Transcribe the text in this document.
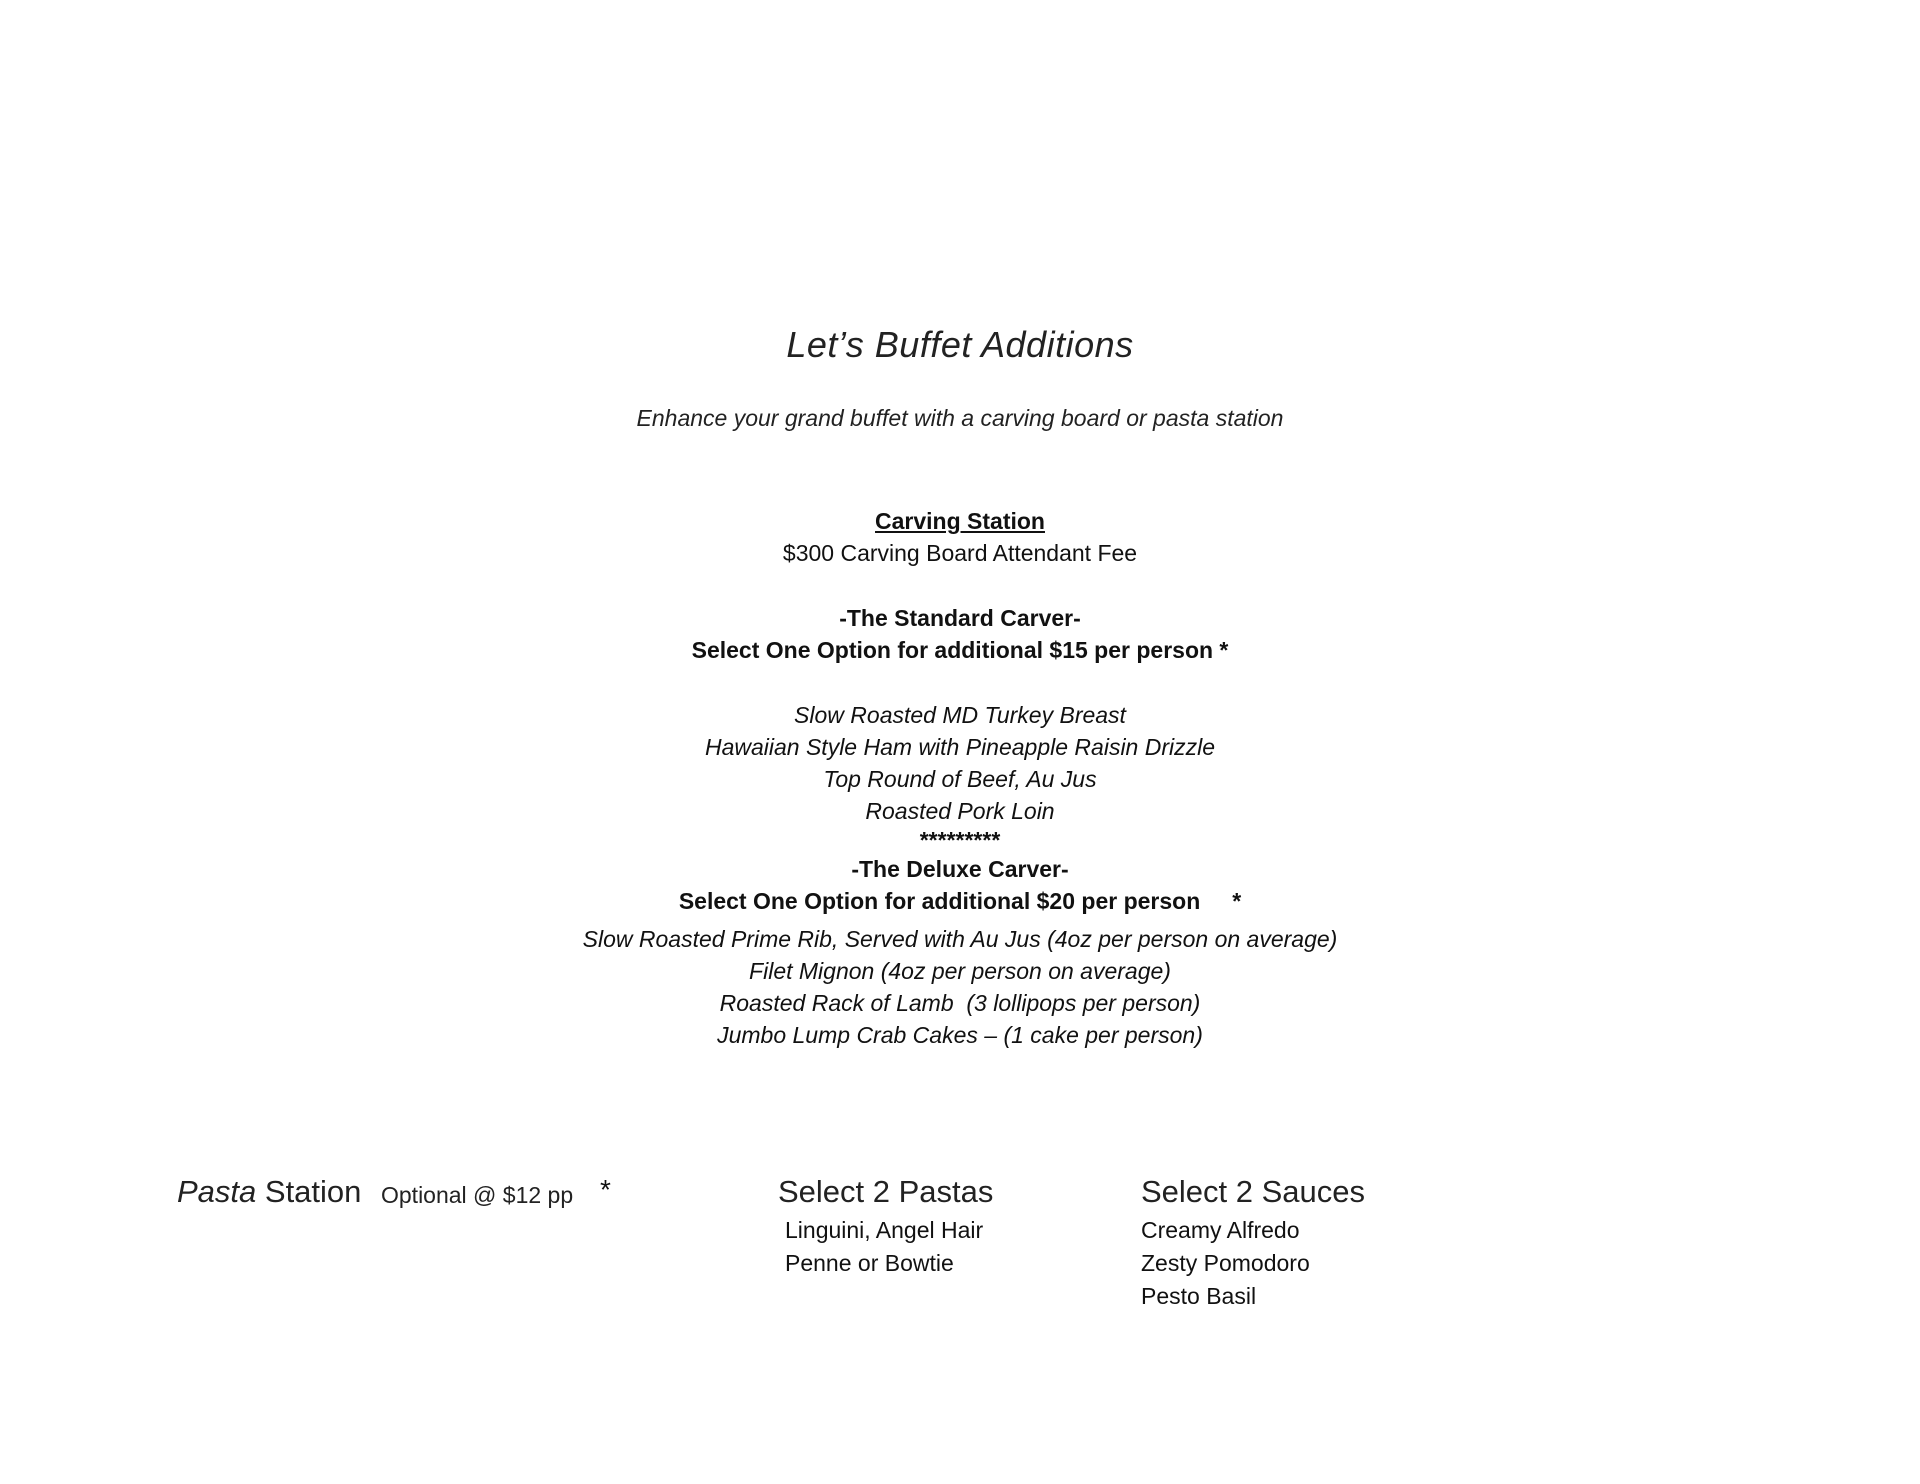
Let’s Buffet Additions
Enhance your grand buffet with a carving board or pasta station
Carving Station
$300 Carving Board Attendant Fee
-The Standard Carver-
Select One Option for additional $15 per person *
Slow Roasted MD Turkey Breast
Hawaiian Style Ham with Pineapple Raisin Drizzle
Top Round of Beef, Au Jus
Roasted Pork Loin
*********
-The Deluxe Carver-
Select One Option for additional $20 per person     *
Slow Roasted Prime Rib, Served with Au Jus (4oz per person on average)
Filet Mignon (4oz per person on average)
Roasted Rack of Lamb  (3 lollipops per person)
Jumbo Lump Crab Cakes – (1 cake per person)
Pasta Station Optional @ $12 pp *	Select 2 Pastas
Linguini, Angel Hair
Penne or Bowtie
Select 2 Sauces
Creamy Alfredo
Zesty Pomodoro
Pesto Basil
